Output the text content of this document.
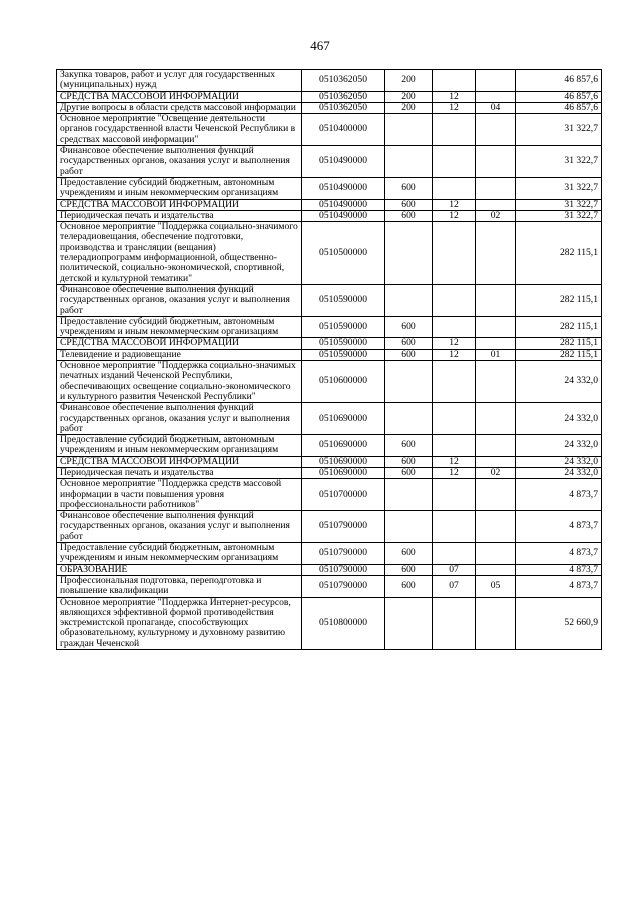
467
Закупка товаров, работ и услуг для государственных (муниципальных) нужд	0510362050	200			46 857,6
СРЕДСТВА МАССОВОЙ ИНФОРМАЦИИ	0510362050	200	12		46 857,6
Другие вопросы в области средств массовой информации	0510362050	200	12	04	46 857,6
Основное мероприятие "Освещение деятельности органов государственной власти Чеченской Республики в средствах массовой информации"	0510400000				31 322,7
Финансовое обеспечение выполнения функций государственных органов, оказания услуг и выполнения работ	0510490000				31 322,7
Предоставление субсидий бюджетным, автономным учреждениям и иным некоммерческим организациям	0510490000	600			31 322,7
СРЕДСТВА МАССОВОЙ ИНФОРМАЦИИ	0510490000	600	12		31 322,7
Периодическая печать и издательства	0510490000	600	12	02	31 322,7
Основное мероприятие "Поддержка социально-значимого телерадиовещания, обеспечение подготовки, производства и трансляции (вещания) телерадиопрограмм информационной, общественно-политической, социально-экономической, спортивной, детской и культурной тематики"	0510500000				282 115,1
Финансовое обеспечение выполнения функций государственных органов, оказания услуг и выполнения работ	0510590000				282 115,1
Предоставление субсидий бюджетным, автономным учреждениям и иным некоммерческим организациям	0510590000	600			282 115,1
СРЕДСТВА МАССОВОЙ ИНФОРМАЦИИ	0510590000	600	12		282 115,1
Телевидение и радиовещание	0510590000	600	12	01	282 115,1
Основное мероприятие "Поддержка социально-значимых печатных изданий Чеченской Республики, обеспечивающих освещение социально-экономического и культурного развития Чеченской Республики"	0510600000				24 332,0
Финансовое обеспечение выполнения функций государственных органов, оказания услуг и выполнения работ	0510690000				24 332,0
Предоставление субсидий бюджетным, автономным учреждениям и иным некоммерческим организациям	0510690000	600			24 332,0
СРЕДСТВА МАССОВОЙ ИНФОРМАЦИИ	0510690000	600	12		24 332,0
Периодическая печать и издательства	0510690000	600	12	02	24 332,0
Основное мероприятие "Поддержка средств массовой информации в части повышения уровня профессиональности работников"	0510700000				4 873,7
Финансовое обеспечение выполнения функций государственных органов, оказания услуг и выполнения работ	0510790000				4 873,7
Предоставление субсидий бюджетным, автономным учреждениям и иным некоммерческим организациям	0510790000	600			4 873,7
ОБРАЗОВАНИЕ	0510790000	600	07		4 873,7
Профессиональная подготовка, переподготовка и повышение квалификации	0510790000	600	07	05	4 873,7
Основное мероприятие "Поддержка Интернет-ресурсов, являющихся эффективной формой противодействия экстремистской пропаганде, способствующих образовательному, культурному и духовному развитию граждан Чеченской	0510800000				52 660,9
